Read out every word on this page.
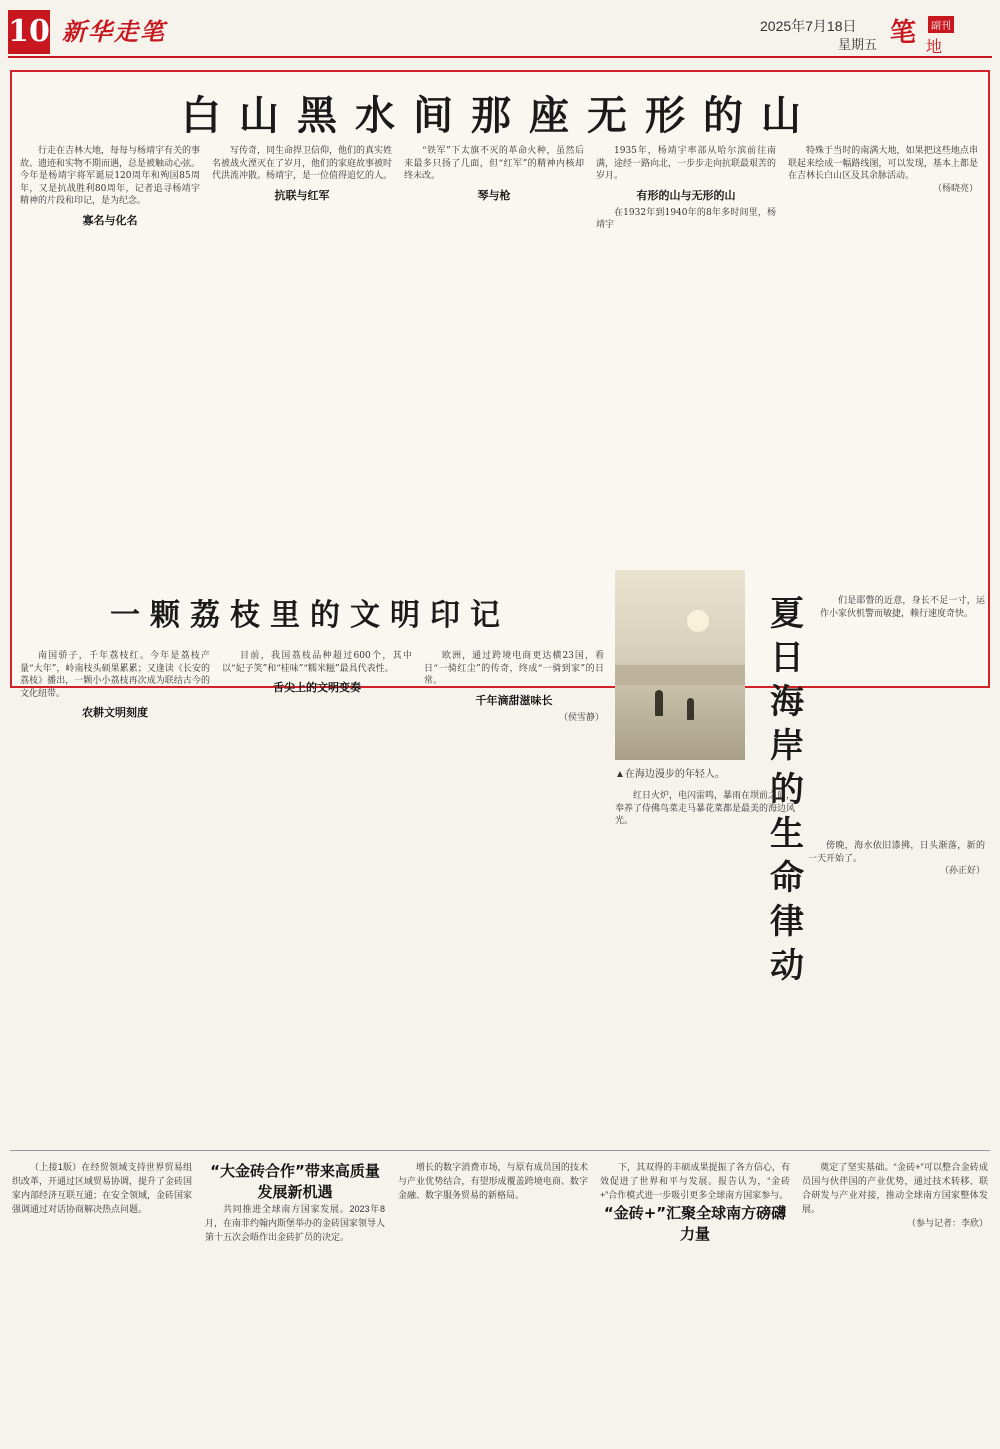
10 新华走笔	2025年7月18日
星期五 笔	副刊
地
白山黑水间那座无形的山

行走在吉林大地，每每与杨靖宇有关的事故、遗迹和实物不期而遇，总是被触动心弦。今年是杨靖宇将军诞辰120周年和殉国85周年，又是抗战胜利80周年，记者追寻杨靖宇精神的片段和印记，是为纪念。

寡名与化名

写传奇，同生命捍卫信仰，他们的真实姓名被战火湮灭在了岁月，他们的家庭故事被时代洪流冲散。杨靖宇，是一位值得追忆的人。

抗联与红军

“铁军”下太旗不灭的革命火种，虽然后来最多只扬了几面，但“红军”的精神内核却终未改。

琴与枪

1935年，杨靖宇率部从哈尔滨前往南满，途经一路向北，一步步走向抗联最艰苦的岁月。

有形的山与无形的山

在1932年到1940年的8年多时间里，杨靖宇

特殊于当时的南满大地，如果把这些地点串联起来绘成一幅路线图，可以发现，基本上都是在吉林长白山区及其余脉活动。

（杨晓亮）
一颗荔枝里的文明印记

南国骄子，千年荔枝红。今年是荔枝产量“大年”，岭南枝头硕果累累；又逢读《长安的荔枝》播出，一颗小小荔枝再次成为联结古今的文化纽带。

农耕文明刻度

目前，我国荔枝品种超过600个，其中以“妃子笑”和“桂味”“糯米糍”最具代表性。

舌尖上的文明变奏

欧洲，通过跨境电商更达横23国，看日“一骑红尘”的传奇，终成“一骑到家”的日常。

千年滴甜滋味长
（侯雪静）
▲在海边漫步的年轻人。
夏日海岸的生命律动

们是耶瞥的近意，身长不足一寸，运作小家伙机警而敏捷，赖行速度奇快。

红日火炉，电闪雷鸣，暴雨在坝前之间，奉养了侍佛鸟菜走马暴花菜都是最美的海边风光。

傍晚，海水依旧漆拂，日头渐落，新的一天开始了。

（孙正好）

（上接1版）在经贸领域支持世界贸易组织改革，开通过区域贸易协调，提升了金砖国家内部经济互联互通；在安全领域，金砖国家强调通过对话协商解决热点问题。

“大金砖合作”带来高质量发展新机遇

共同推进全球南方国家发展。2023年8月，在南非约翰内斯堡举办的金砖国家领导人第十五次会晤作出金砖扩员的决定。

增长的数字消费市场，与原有成员国的技术与产业优势结合，有望形成覆盖跨境电商、数字金融、数字服务贸易的新格局。

下，其双得的丰硕成果提振了各方信心，有效促进了世界和平与发展。报告认为，“金砖+”合作模式进一步吸引更多全球南方国家参与。

“金砖+”汇聚全球南方磅礴力量

奠定了坚实基础。“金砖+”可以整合金砖成员国与伙伴国的产业优势，通过技术转移、联合研发与产业对接，推动全球南方国家整体发展。

（参与记者：李欣）
